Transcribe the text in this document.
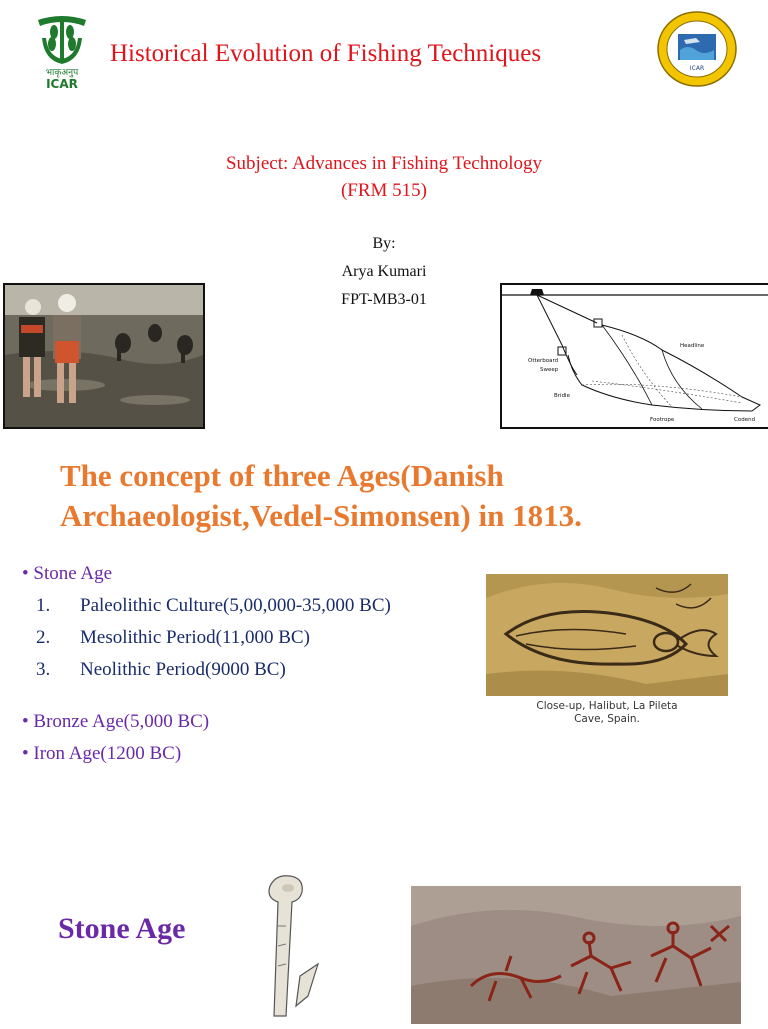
भाकृअनुप
ICAR
Historical Evolution of Fishing Techniques
ICAR
Subject: Advances in Fishing Technology
(FRM 515)
By:
Arya Kumari
FPT-MB3-01
Headline
Otterboard
Sweep
Bridle
Footrope	Codend
The concept of three Ages(Danish
Archaeologist,Vedel-Simonsen) in 1813.
• Stone Age
1. Paleolithic Culture(5,00,000-35,000 BC)
2. Mesolithic Period(11,000 BC)
3. Neolithic Period(9000 BC)
• Bronze Age(5,000 BC)
• Iron Age(1200 BC)
Close-up, Halibut, La Pileta
Cave, Spain.
Stone Age
